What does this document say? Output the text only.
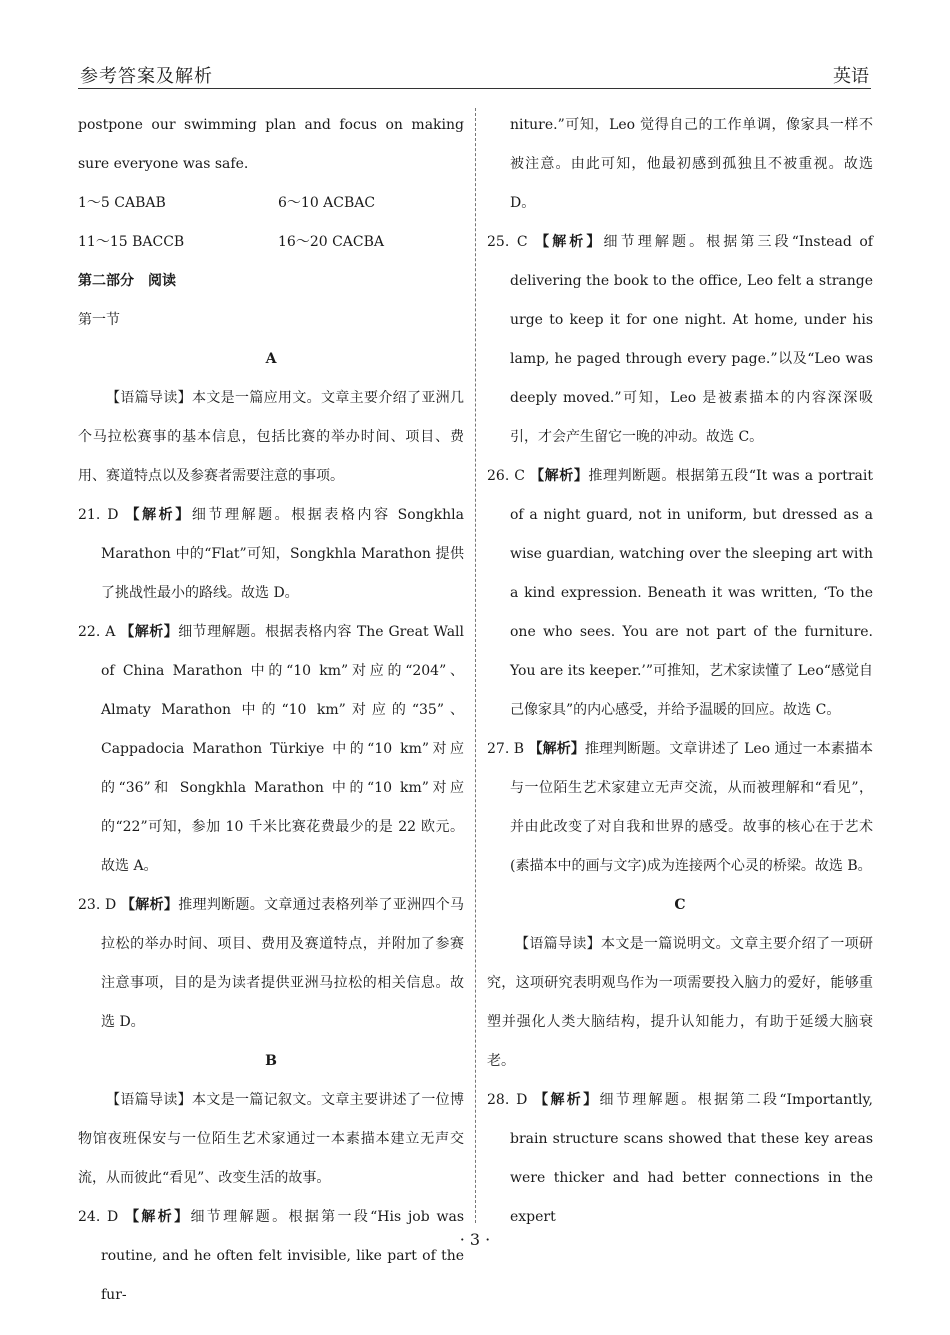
参考答案及解析	英语

postpone our swimming plan and focus on making sure everyone was safe.

1～5 CABAB	6～10 ACBAC
11～15 BACCB	16～20 CACBA

第二部分　阅读

第一节

A

【语篇导读】本文是一篇应用文。文章主要介绍了亚洲几个马拉松赛事的基本信息，包括比赛的举办时间、项目、费用、赛道特点以及参赛者需要注意的事项。

21. D 【解析】细节理解题。根据表格内容 Songkhla Marathon 中的“Flat”可知，Songkhla Marathon 提供了挑战性最小的路线。故选 D。

22. A 【解析】细节理解题。根据表格内容 The Great Wall of China Marathon 中的“10 km”对应的“204”、Almaty Marathon 中的“10 km”对应的“35”、Cappadocia Marathon Türkiye 中的“10 km”对应的“36”和 Songkhla Marathon 中的“10 km”对应的“22”可知，参加 10 千米比赛花费最少的是 22 欧元。故选 A。

23. D 【解析】推理判断题。文章通过表格列举了亚洲四个马拉松的举办时间、项目、费用及赛道特点，并附加了参赛注意事项，目的是为读者提供亚洲马拉松的相关信息。故选 D。

B

【语篇导读】本文是一篇记叙文。文章主要讲述了一位博物馆夜班保安与一位陌生艺术家通过一本素描本建立无声交流，从而彼此“看见”、改变生活的故事。

24. D 【解析】细节理解题。根据第一段“His job was routine, and he often felt invisible, like part of the fur-

niture.”可知，Leo 觉得自己的工作单调，像家具一样不被注意。由此可知，他最初感到孤独且不被重视。故选 D。

25. C 【解析】细节理解题。根据第三段“Instead of delivering the book to the office, Leo felt a strange urge to keep it for one night. At home, under his lamp, he paged through every page.”以及“Leo was deeply moved.”可知，Leo 是被素描本的内容深深吸引，才会产生留它一晚的冲动。故选 C。

26. C 【解析】推理判断题。根据第五段“It was a portrait of a night guard, not in uniform, but dressed as a wise guardian, watching over the sleeping art with a kind expression. Beneath it was written, ‘To the one who sees. You are not part of the furniture. You are its keeper.’”可推知，艺术家读懂了 Leo“感觉自己像家具”的内心感受，并给予温暖的回应。故选 C。

27. B 【解析】推理判断题。文章讲述了 Leo 通过一本素描本与一位陌生艺术家建立无声交流，从而被理解和“看见”，并由此改变了对自我和世界的感受。故事的核心在于艺术(素描本中的画与文字)成为连接两个心灵的桥梁。故选 B。

C

【语篇导读】本文是一篇说明文。文章主要介绍了一项研究，这项研究表明观鸟作为一项需要投入脑力的爱好，能够重塑并强化人类大脑结构，提升认知能力，有助于延缓大脑衰老。

28. D 【解析】细节理解题。根据第二段“Importantly, brain structure scans showed that these key areas were thicker and had better connections in the expert

· 3 ·
